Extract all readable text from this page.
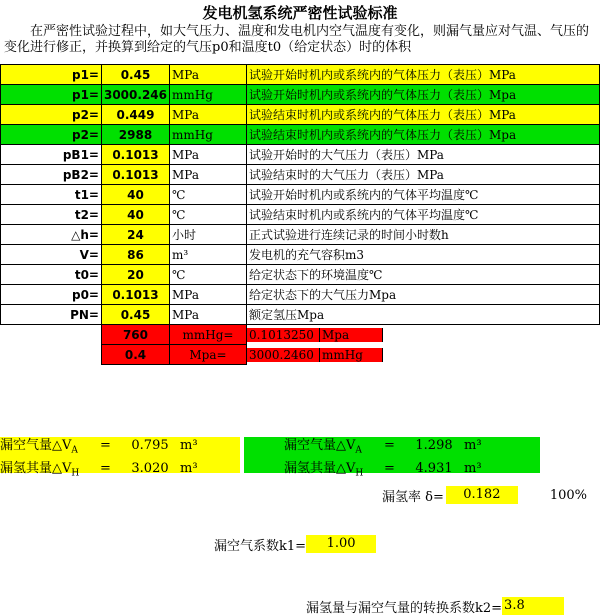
发电机氢系统严密性试验标准

在严密性试验过程中，如大气压力、温度和发电机内空气温度有变化，则漏气量应对气温、气压的变化进行修正，并换算到给定的气压p0和温度t0（给定状态）时的体积

p1=	0.45	MPa	试验开始时机内或系统内的气体压力（表压）MPa
p1=	3000.246	mmHg	试验开始时机内或系统内的气体压力（表压）Mpa
p2=	0.449	MPa	试验结束时机内或系统内的气体压力（表压）MPa
p2=	2988	mmHg	试验结束时机内或系统内的气体压力（表压）Mpa
pB1=	0.1013	MPa	试验开始时的大气压力（表压）MPa
pB2=	0.1013	MPa	试验结束时的大气压力（表压）MPa
t1=	40	℃	试验开始时机内或系统内的气体平均温度℃
t2=	40	℃	试验结束时机内或系统内的气体平均温度℃
△h=	24	小时	正式试验进行连续记录的时间小时数h
V=	86	m³	发电机的充气容积m3
t0=	20	℃	给定状态下的环境温度℃
p0=	0.1013	MPa	给定状态下的大气压力Mpa
PN=	0.45	MPa	额定氢压Mpa
	760	mmHg=	0.1013250 Mpa
	0.4	Mpa=	3000.2460 mmHg
漏空气量$\triangle V_A$	=	0.795 m³
漏氢其量$\triangle V_H$	=	3.020 m³
漏空气量$\triangle V_A$	=	1.298 m³
漏氢其量$\triangle V_H$	=	4.931 m³
漏氢率 δ=	0.182	100%
漏空气系数k1=	1.00
漏氢量与漏空气量的转换系数k2= 3.8
